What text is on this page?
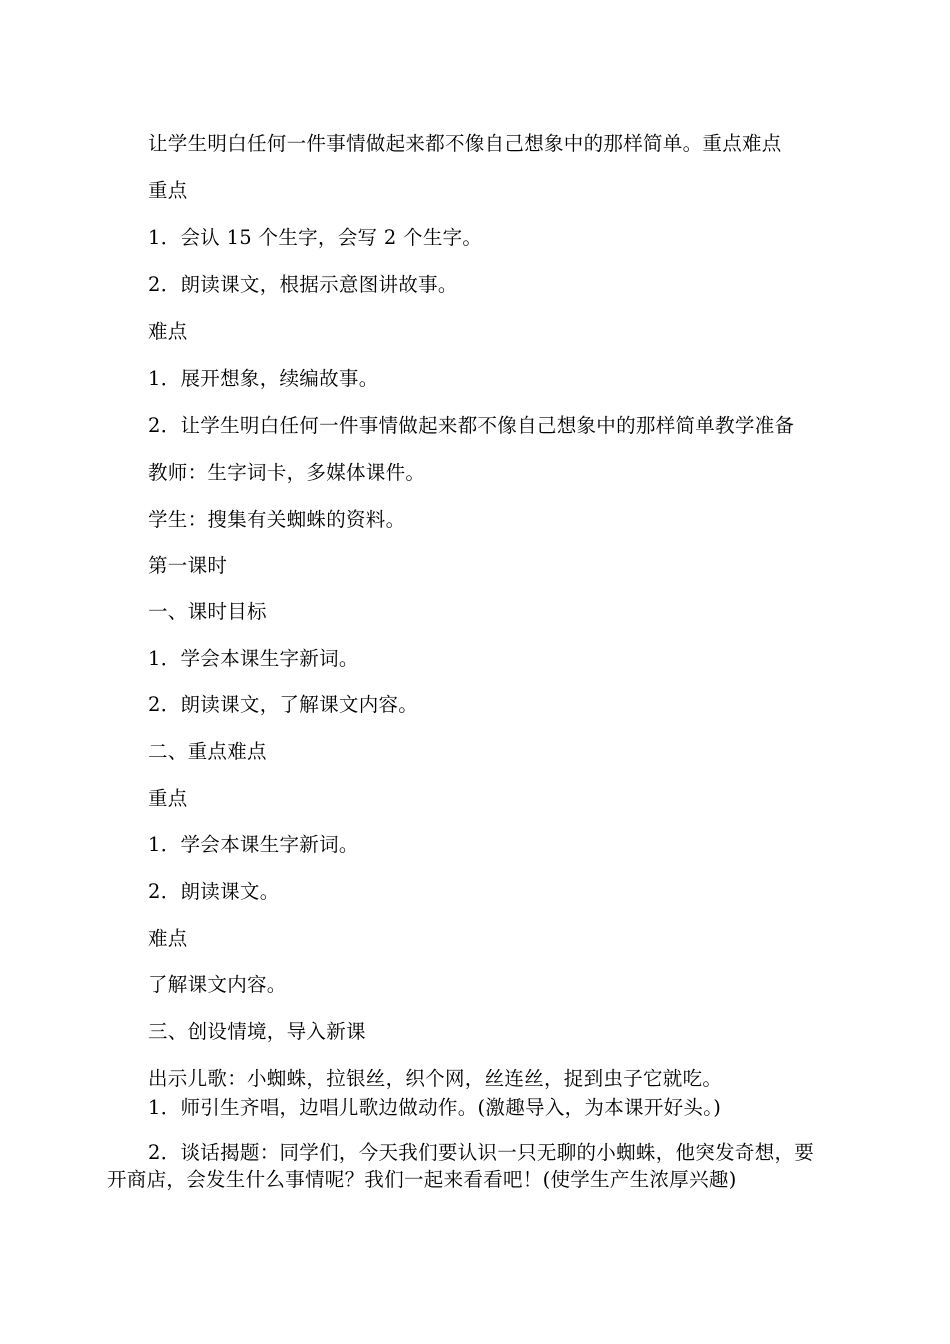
让学生明白任何一件事情做起来都不像自己想象中的那样简单。重点难点
重点
1．会认 15 个生字，会写 2 个生字。
2．朗读课文，根据示意图讲故事。
难点
1．展开想象，续编故事。
2．让学生明白任何一件事情做起来都不像自己想象中的那样简单教学准备
教师：生字词卡，多媒体课件。
学生：搜集有关蜘蛛的资料。
第一课时
一、课时目标
1．学会本课生字新词。
2．朗读课文，了解课文内容。
二、重点难点
重点
1．学会本课生字新词。
2．朗读课文。
难点
了解课文内容。
三、创设情境，导入新课
出示儿歌：小蜘蛛，拉银丝，织个网，丝连丝，捉到虫子它就吃。
1．师引生齐唱，边唱儿歌边做动作。(激趣导入，为本课开好头。)
2．谈话揭题：同学们，今天我们要认识一只无聊的小蜘蛛，他突发奇想，要
开商店，会发生什么事情呢？我们一起来看看吧！(使学生产生浓厚兴趣)
